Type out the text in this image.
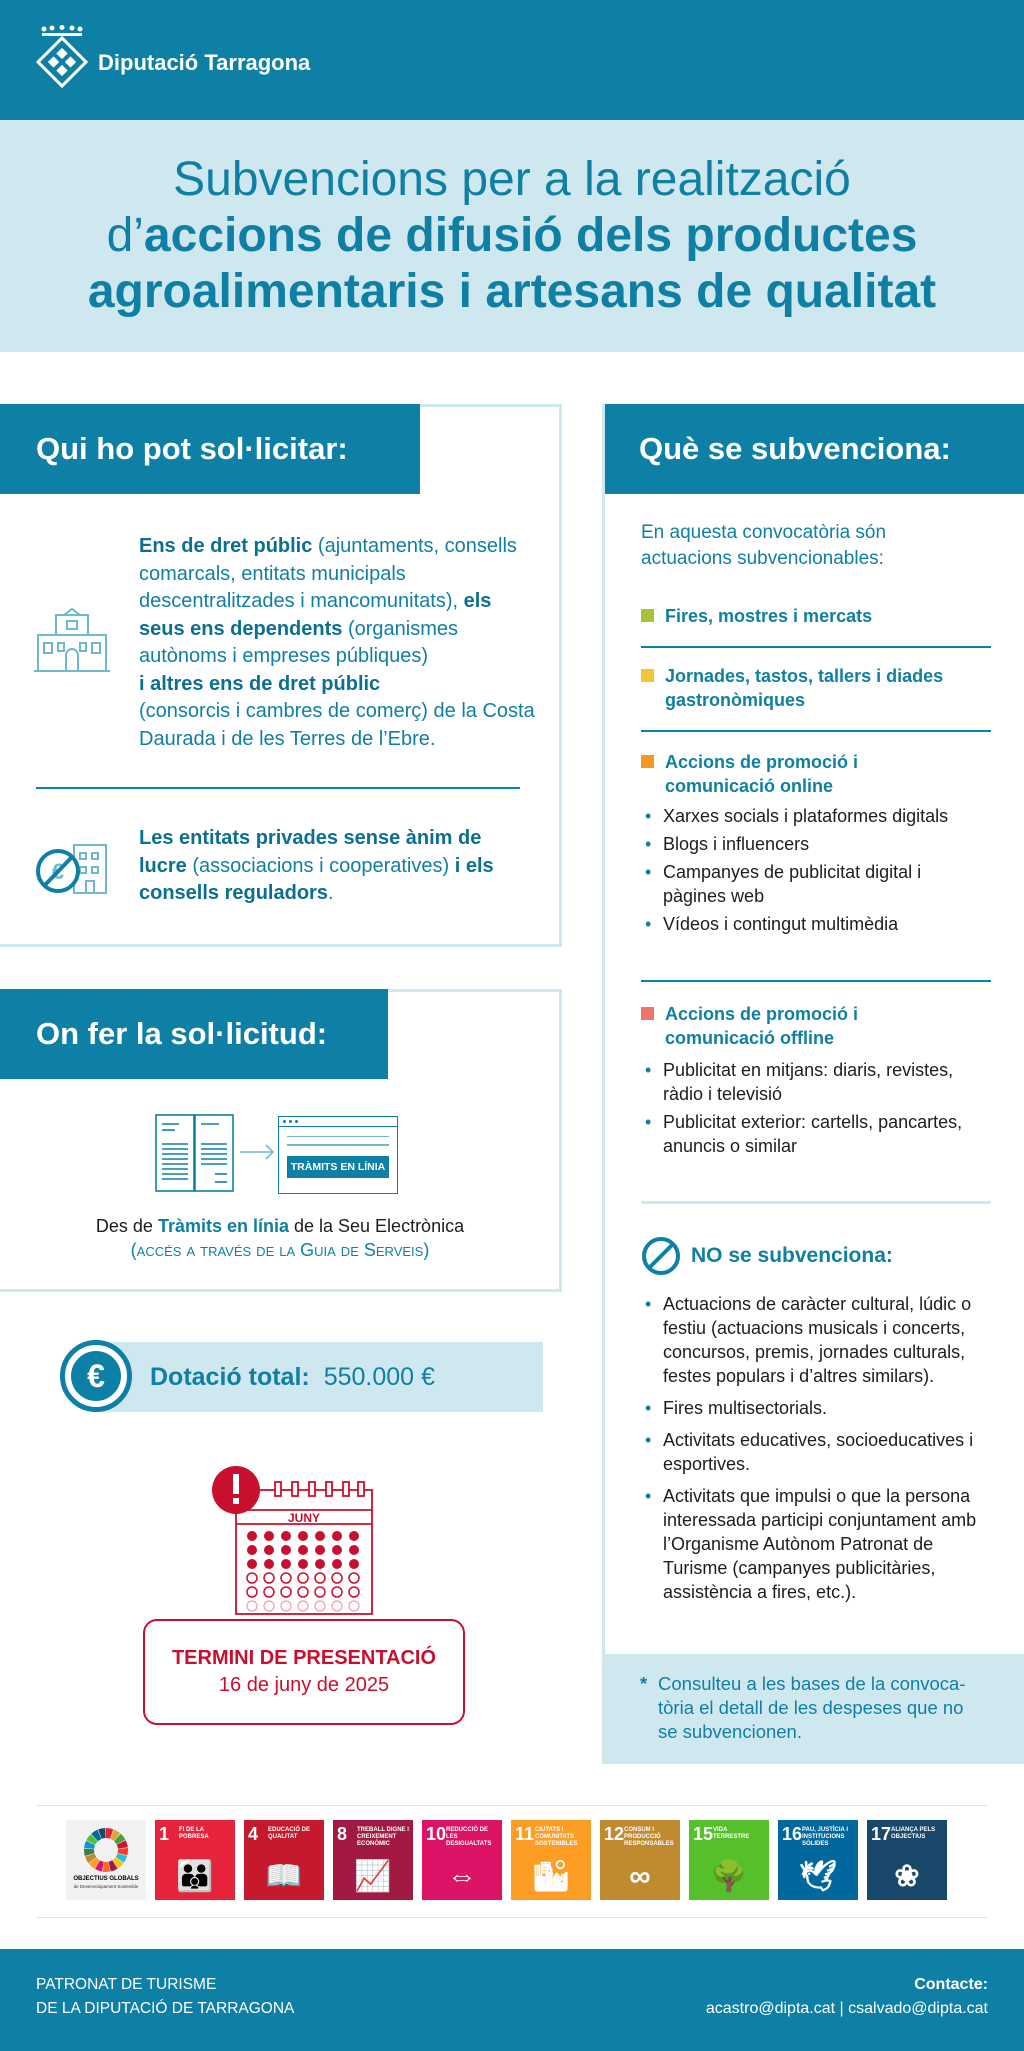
Diputació Tarragona
Subvencions per a la realització
d’accions de difusió dels productes
agroalimentaris i artesans de qualitat
Qui ho pot sol·licitar:
Ens de dret públic (ajuntaments, consells comarcals, entitats municipals descentralitzades i mancomunitats), els seus ens dependents (organismes autònoms i empreses públiques)
i altres ens de dret públic
(consorcis i cambres de comerç) de la Costa Daurada i de les Terres de l’Ebre.
€
Les entitats privades sense ànim de lucre (associacions i cooperatives) i els consells reguladors.
On fer la sol·licitud:
TRÀMITS EN LÍNIA
Des de Tràmits en línia de la Seu Electrònica
(accés a través de la Guia de Serveis)
Dotació total: 550.000 €
€
JUNY
TERMINI DE PRESENTACIÓ
16 de juny de 2025
Què se subvenciona:
En aquesta convocatòria són
actuacions subvencionables:
Fires, mostres i mercats
Jornades, tastos, tallers i diades
gastronòmiques
Accions de promoció i
comunicació online
• Xarxes socials i plataformes digitals
• Blogs i influencers
• Campanyes de publicitat digital i pàgines web
• Vídeos i contingut multimèdia
Accions de promoció i
comunicació offline
• Publicitat en mitjans: diaris, revistes, ràdio i televisió
• Publicitat exterior: cartells, pancartes, anuncis o similar
NO se subvenciona:
• Actuacions de caràcter cultural, lúdic o festiu (actuacions musicals i concerts, concursos, premis, jornades culturals, festes populars i d’altres similars).
• Fires multisectorials.
• Activitats educatives, socioeducatives i esportives.
• Activitats que impulsi o que la persona interessada participi conjuntament amb l’Organisme Autònom Patronat de Turisme (campanyes publicitàries, assistència a fires, etc.).
* Consulteu a les bases de la convoca-tòria el detall de les despeses que no se subvencionen.
OBJECTIUS GLOBALS
de Desenvolupament Sostenible
1 FI DE LA POBRESA
👪
4 EDUCACIÓ DE QUALITAT
📖
8 TREBALL DIGNE I CREIXEMENT ECONÒMIC
📈
10 REDUCCIÓ DE LES DESIGUALTATS
⇔
11 CIUTATS I COMUNITATS SOSTENIBLES
🏙
12 CONSUM I PRODUCCIÓ RESPONSABLES
∞
15 VIDA TERRESTRE
🌳
16 PAU, JUSTÍCIA I INSTITUCIONS SÒLIDES
🕊
17 ALIANÇA PELS OBJECTIUS
❀
PATRONAT DE TURISME
DE LA DIPUTACIÓ DE TARRAGONA
Contacte:
acastro@dipta.cat | csalvado@dipta.cat
